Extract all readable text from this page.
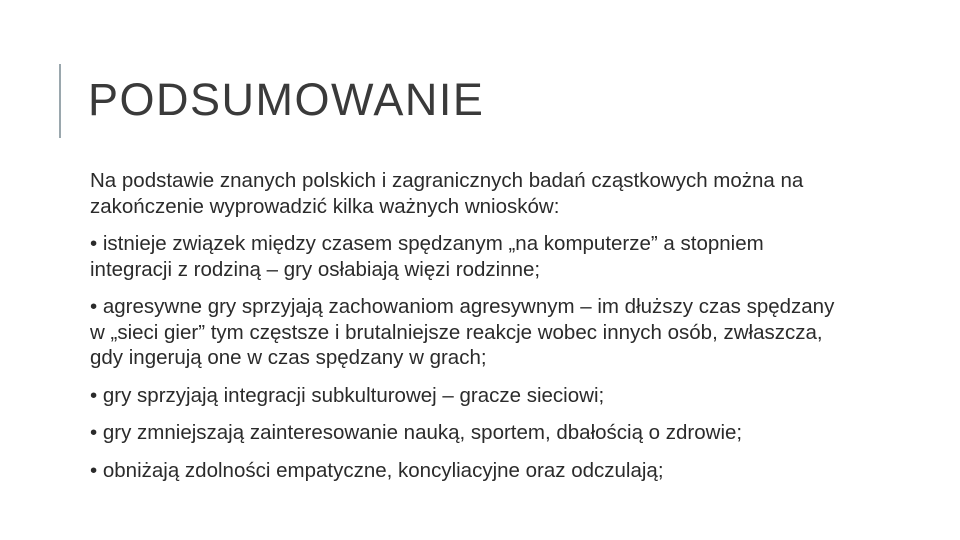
PODSUMOWANIE

Na podstawie znanych polskich i zagranicznych badań cząstkowych można na zakończenie wyprowadzić kilka ważnych wniosków:

• istnieje związek między czasem spędzanym „na komputerze” a stopniem integracji z rodziną – gry osłabiają więzi rodzinne;

• agresywne gry sprzyjają zachowaniom agresywnym – im dłuższy czas spędzany w „sieci gier” tym częstsze i brutalniejsze reakcje wobec innych osób, zwłaszcza, gdy ingerują one w czas spędzany w grach;

• gry sprzyjają integracji subkulturowej – gracze sieciowi;

• gry zmniejszają zainteresowanie nauką, sportem, dbałością o zdrowie;

• obniżają zdolności empatyczne, koncyliacyjne oraz odczulają;
